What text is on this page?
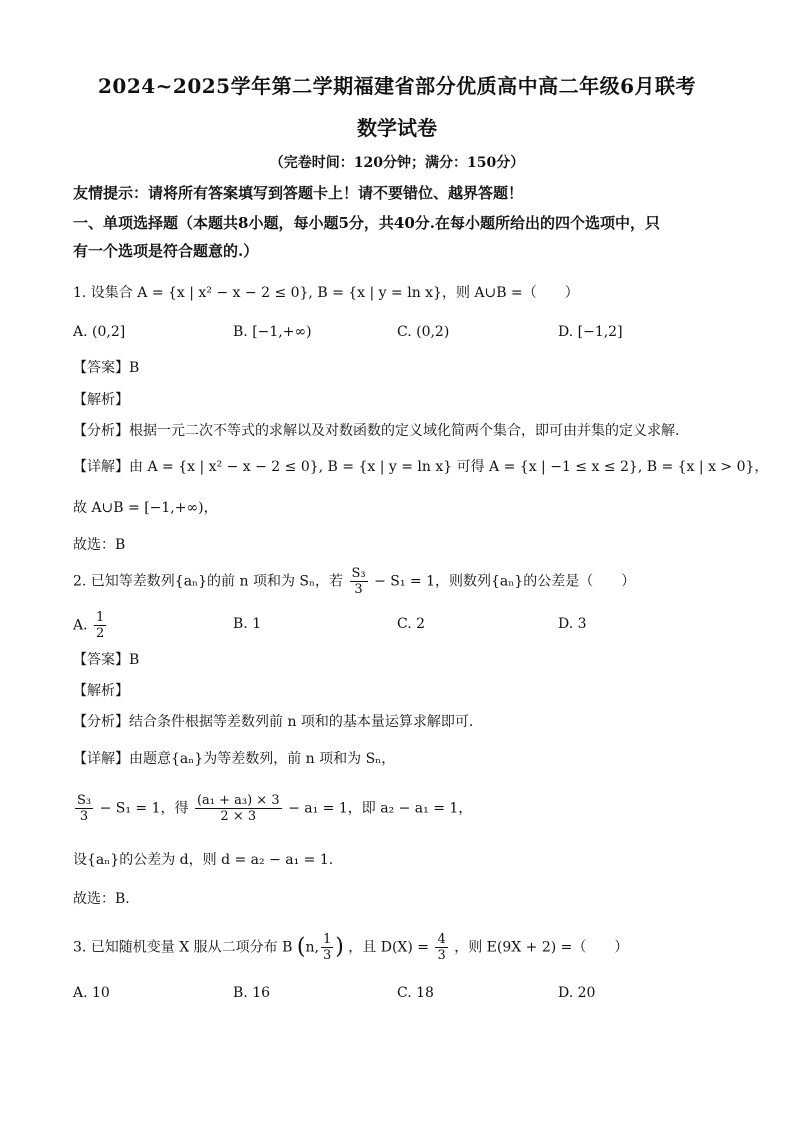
2024~2025学年第二学期福建省部分优质高中高二年级6月联考
数学试卷
（完卷时间：120分钟；满分：150分）
友情提示：请将所有答案填写到答题卡上！请不要错位、越界答题！
一、单项选择题（本题共8小题，每小题5分，共40分.在每小题所给出的四个选项中，只
有一个选项是符合题意的.）
1. 设集合 A = {x | x² − x − 2 ≤ 0}, B = {x | y = ln x}，则 A∪B =（　　）
A. (0,2]	B. [−1,+∞)	C. (0,2)	D. [−1,2]
【答案】B
【解析】
【分析】根据一元二次不等式的求解以及对数函数的定义域化简两个集合，即可由并集的定义求解.
【详解】由 A = {x | x² − x − 2 ≤ 0}, B = {x | y = ln x} 可得 A = {x | −1 ≤ x ≤ 2}, B = {x | x > 0}，
故 A∪B = [−1,+∞)，
故选：B
2. 已知等差数列{aₙ}的前 n 项和为 Sₙ，若 $\frac{\text{S₃}}{3} - S_1 = 1$，则数列{aₙ}的公差是（　　）
A. $\frac{1}{2}$	B. 1	C. 2	D. 3
【答案】B
【解析】
【分析】结合条件根据等差数列前 n 项和的基本量运算求解即可.
【详解】由题意{aₙ}为等差数列，前 n 项和为 Sₙ，
$\frac{\text{S₃}}{3} - S_1 = 1$，得 $\frac{\text{(a₁ + a₃) × 3}}{2 \times 3} - a_1 = 1$，即 a₂ − a₁ = 1，
设{aₙ}的公差为 d，则 d = a₂ − a₁ = 1.
故选：B.
3. 已知随机变量 X 服从二项分布 B (n, $\frac{1}{3}$ ) ，且 $D(X) = \frac{4}{3}$ ，则 E(9X + 2) =（　　）
A. 10	B. 16	C. 18	D. 20
